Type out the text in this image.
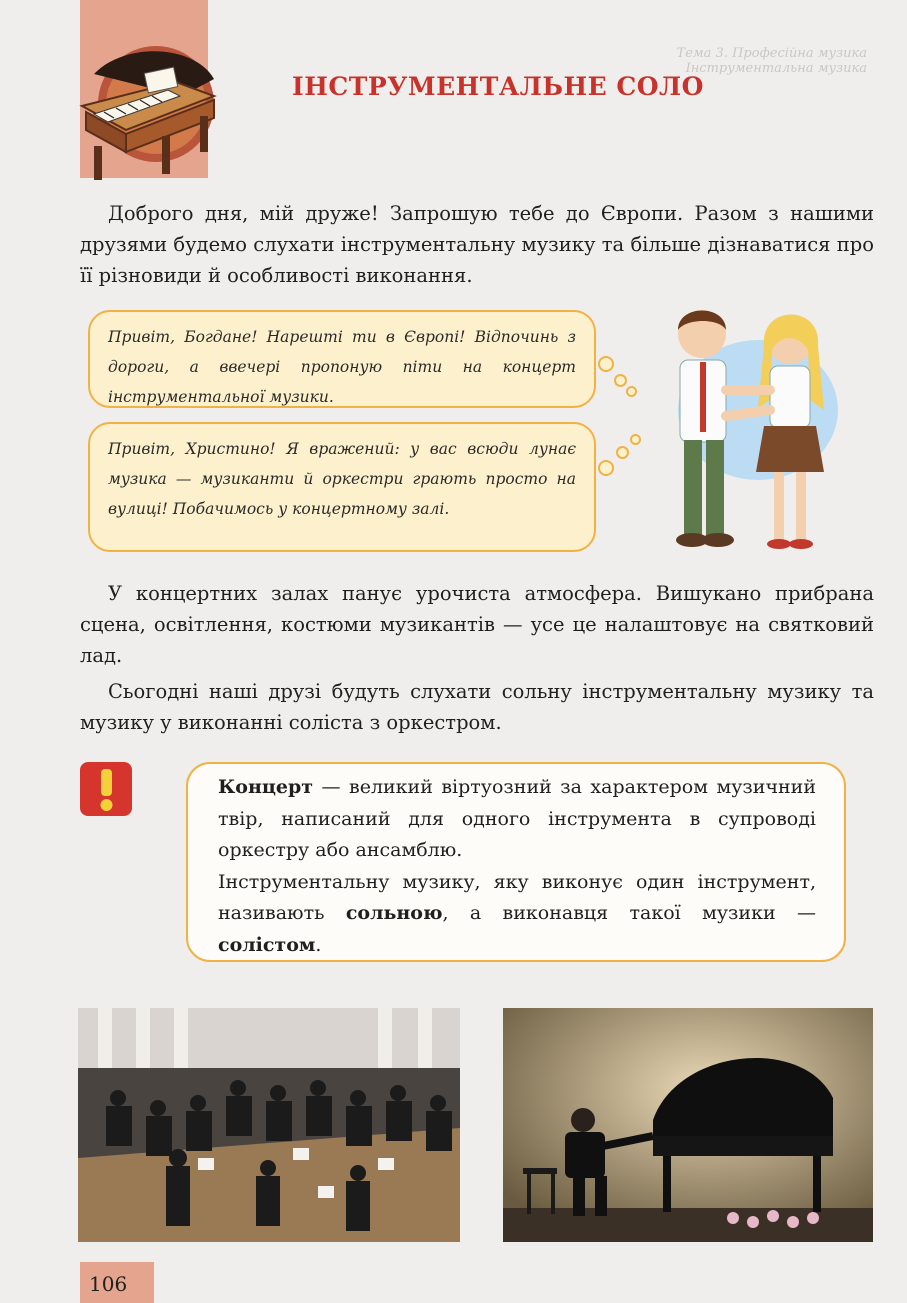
Тема 3. Професійна музика
Інструментальна музика
ІНСТРУМЕНТАЛЬНЕ СОЛО

Доброго дня, мій друже! Запрошую тебе до Європи. Разом з нашими друзями будемо слухати інструментальну музику та більше дізнаватися про її різновиди й особливості виконання.

Привіт, Богдане! Нарешті ти в Європі! Відпочинь з дороги, а ввечері пропоную піти на концерт інструментальної музики.
Привіт, Христино! Я вражений: у вас всюди лунає музика — музиканти й оркестри грають просто на вулиці! Побачимось у концертному залі.

У концертних залах панує урочиста атмосфера. Вишукано прибрана сцена, освітлення, костюми музикантів — усе це налаштовує на святковий лад.

Сьогодні наші друзі будуть слухати сольну інструментальну музику та музику у виконанні соліста з оркестром.

Концерт — великий віртуозний за характером музичний твір, написаний для одного інструмента в супроводі оркестру або ансамблю.

Інструментальну музику, яку виконує один інструмент, називають сольною, а виконавця такої музики — солістом.

106
